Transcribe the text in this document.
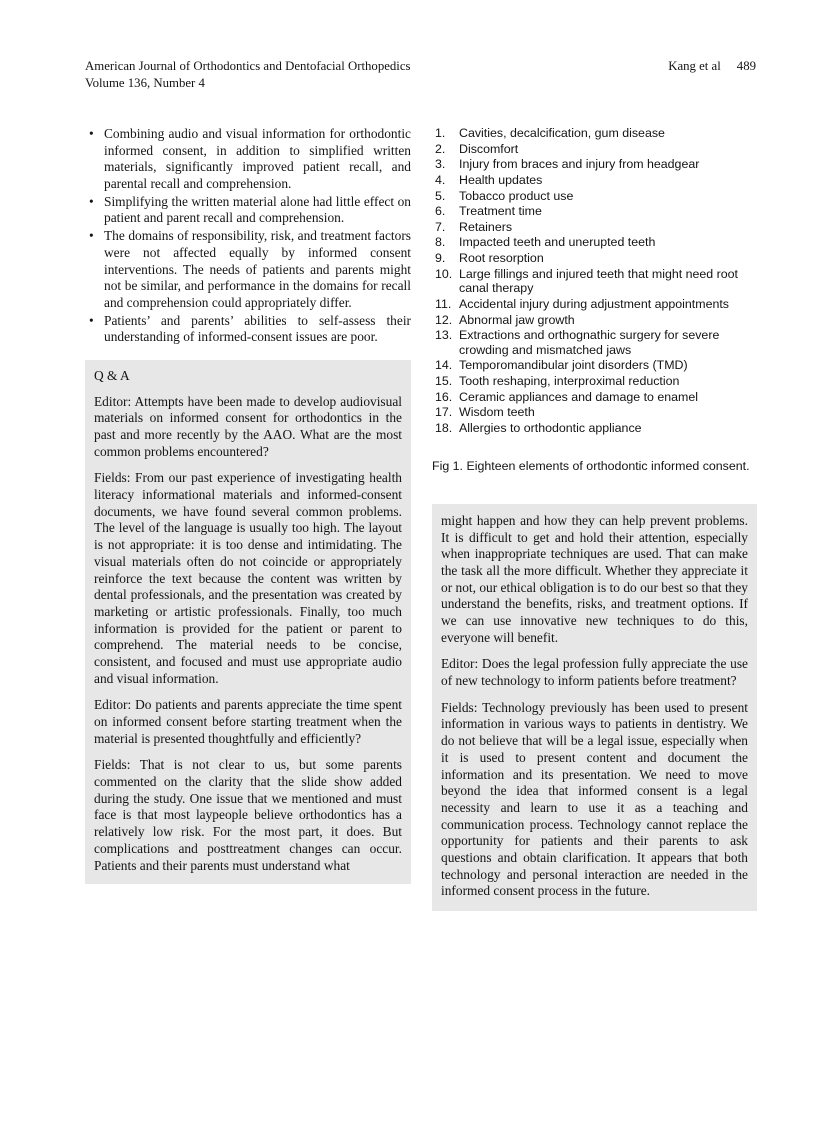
American Journal of Orthodontics and Dentofacial Orthopedics
Volume 136, Number 4
Kang et al 489
• Combining audio and visual information for orthodontic informed consent, in addition to simplified written materials, significantly improved patient recall, and parental recall and comprehension.
• Simplifying the written material alone had little effect on patient and parent recall and comprehension.
• The domains of responsibility, risk, and treatment factors were not affected equally by informed consent interventions. The needs of patients and parents might not be similar, and performance in the domains for recall and comprehension could appropriately differ.
• Patients’ and parents’ abilities to self-assess their understanding of informed-consent issues are poor.

Q & A

Editor: Attempts have been made to develop audiovisual materials on informed consent for orthodontics in the past and more recently by the AAO. What are the most common problems encountered?

Fields: From our past experience of investigating health literacy informational materials and informed-consent documents, we have found several common problems. The level of the language is usually too high. The layout is not appropriate: it is too dense and intimidating. The visual materials often do not coincide or appropriately reinforce the text because the content was written by dental professionals, and the presentation was created by marketing or artistic professionals. Finally, too much information is provided for the patient or parent to comprehend. The material needs to be concise, consistent, and focused and must use appropriate audio and visual information.

Editor: Do patients and parents appreciate the time spent on informed consent before starting treatment when the material is presented thoughtfully and efficiently?

Fields: That is not clear to us, but some parents commented on the clarity that the slide show added during the study. One issue that we mentioned and must face is that most laypeople believe orthodontics has a relatively low risk. For the most part, it does. But complications and posttreatment changes can occur. Patients and their parents must understand what

1.	Cavities, decalcification, gum disease
2.	Discomfort
3.	Injury from braces and injury from headgear
4.	Health updates
5.	Tobacco product use
6.	Treatment time
7.	Retainers
8.	Impacted teeth and unerupted teeth
9.	Root resorption
10. Large fillings and injured teeth that might need root canal therapy
11. Accidental injury during adjustment appointments
12. Abnormal jaw growth
13. Extractions and orthognathic surgery for severe crowding and mismatched jaws
14. Temporomandibular joint disorders (TMD)
15. Tooth reshaping, interproximal reduction
16. Ceramic appliances and damage to enamel
17. Wisdom teeth
18. Allergies to orthodontic appliance

Fig 1. Eighteen elements of orthodontic informed consent.

might happen and how they can help prevent problems. It is difficult to get and hold their attention, especially when inappropriate techniques are used. That can make the task all the more difficult. Whether they appreciate it or not, our ethical obligation is to do our best so that they understand the benefits, risks, and treatment options. If we can use innovative new techniques to do this, everyone will benefit.

Editor: Does the legal profession fully appreciate the use of new technology to inform patients before treatment?

Fields: Technology previously has been used to present information in various ways to patients in dentistry. We do not believe that will be a legal issue, especially when it is used to present content and document the information and its presentation. We need to move beyond the idea that informed consent is a legal necessity and learn to use it as a teaching and communication process. Technology cannot replace the opportunity for patients and their parents to ask questions and obtain clarification. It appears that both technology and personal interaction are needed in the informed consent process in the future.
